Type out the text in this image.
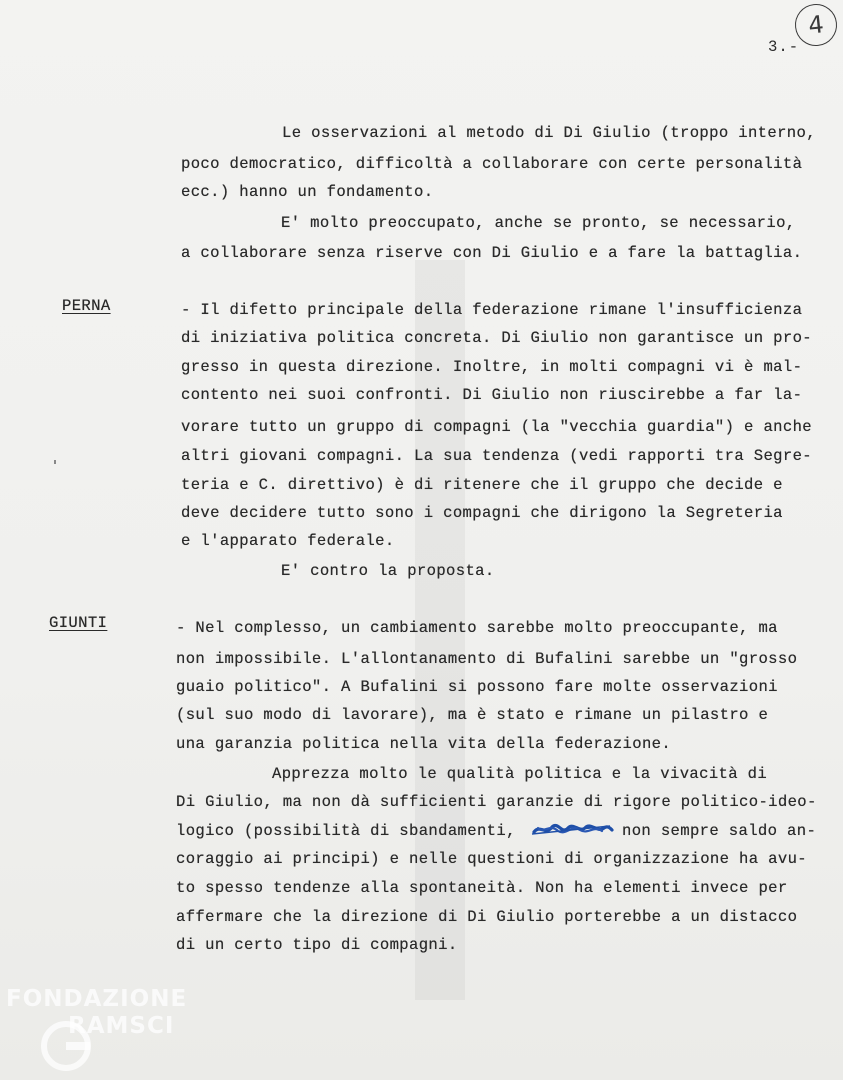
4
3.-
Le osservazioni al metodo di Di Giulio (troppo interno,
poco democratico, difficoltà a collaborare con certe personalità
ecc.) hanno un fondamento.
E' molto preoccupato, anche se pronto, se necessario,
a collaborare senza riserve con Di Giulio e a fare la battaglia.
PERNA	- Il difetto principale della federazione rimane l'insufficienza
di iniziativa politica concreta. Di Giulio non garantisce un pro-
gresso in questa direzione. Inoltre, in molti compagni vi è mal-
contento nei suoi confronti. Di Giulio non riuscirebbe a far la-
vorare tutto un gruppo di compagni (la "vecchia guardia") e anche
altri giovani compagni. La sua tendenza (vedi rapporti tra Segre-
teria e C. direttivo) è di ritenere che il gruppo che decide e
deve decidere tutto sono i compagni che dirigono la Segreteria
e l'apparato federale.
E' contro la proposta.
GIUNTI	- Nel complesso, un cambiamento sarebbe molto preoccupante, ma
non impossibile. L'allontanamento di Bufalini sarebbe un "grosso
guaio politico". A Bufalini si possono fare molte osservazioni
(sul suo modo di lavorare), ma è stato e rimane un pilastro e
una garanzia politica nella vita della federazione.
Apprezza molto le qualità politica e la vivacità di
Di Giulio, ma non dà sufficienti garanzie di rigore politico-ideo-
logico (possibilità di sbandamenti,	non sempre saldo an-
coraggio ai principi) e nelle questioni di organizzazione ha avu-
to spesso tendenze alla spontaneità. Non ha elementi invece per
affermare che la direzione di Di Giulio porterebbe a un distacco
di un certo tipo di compagni.
FONDAZIONE
RAMSCI
